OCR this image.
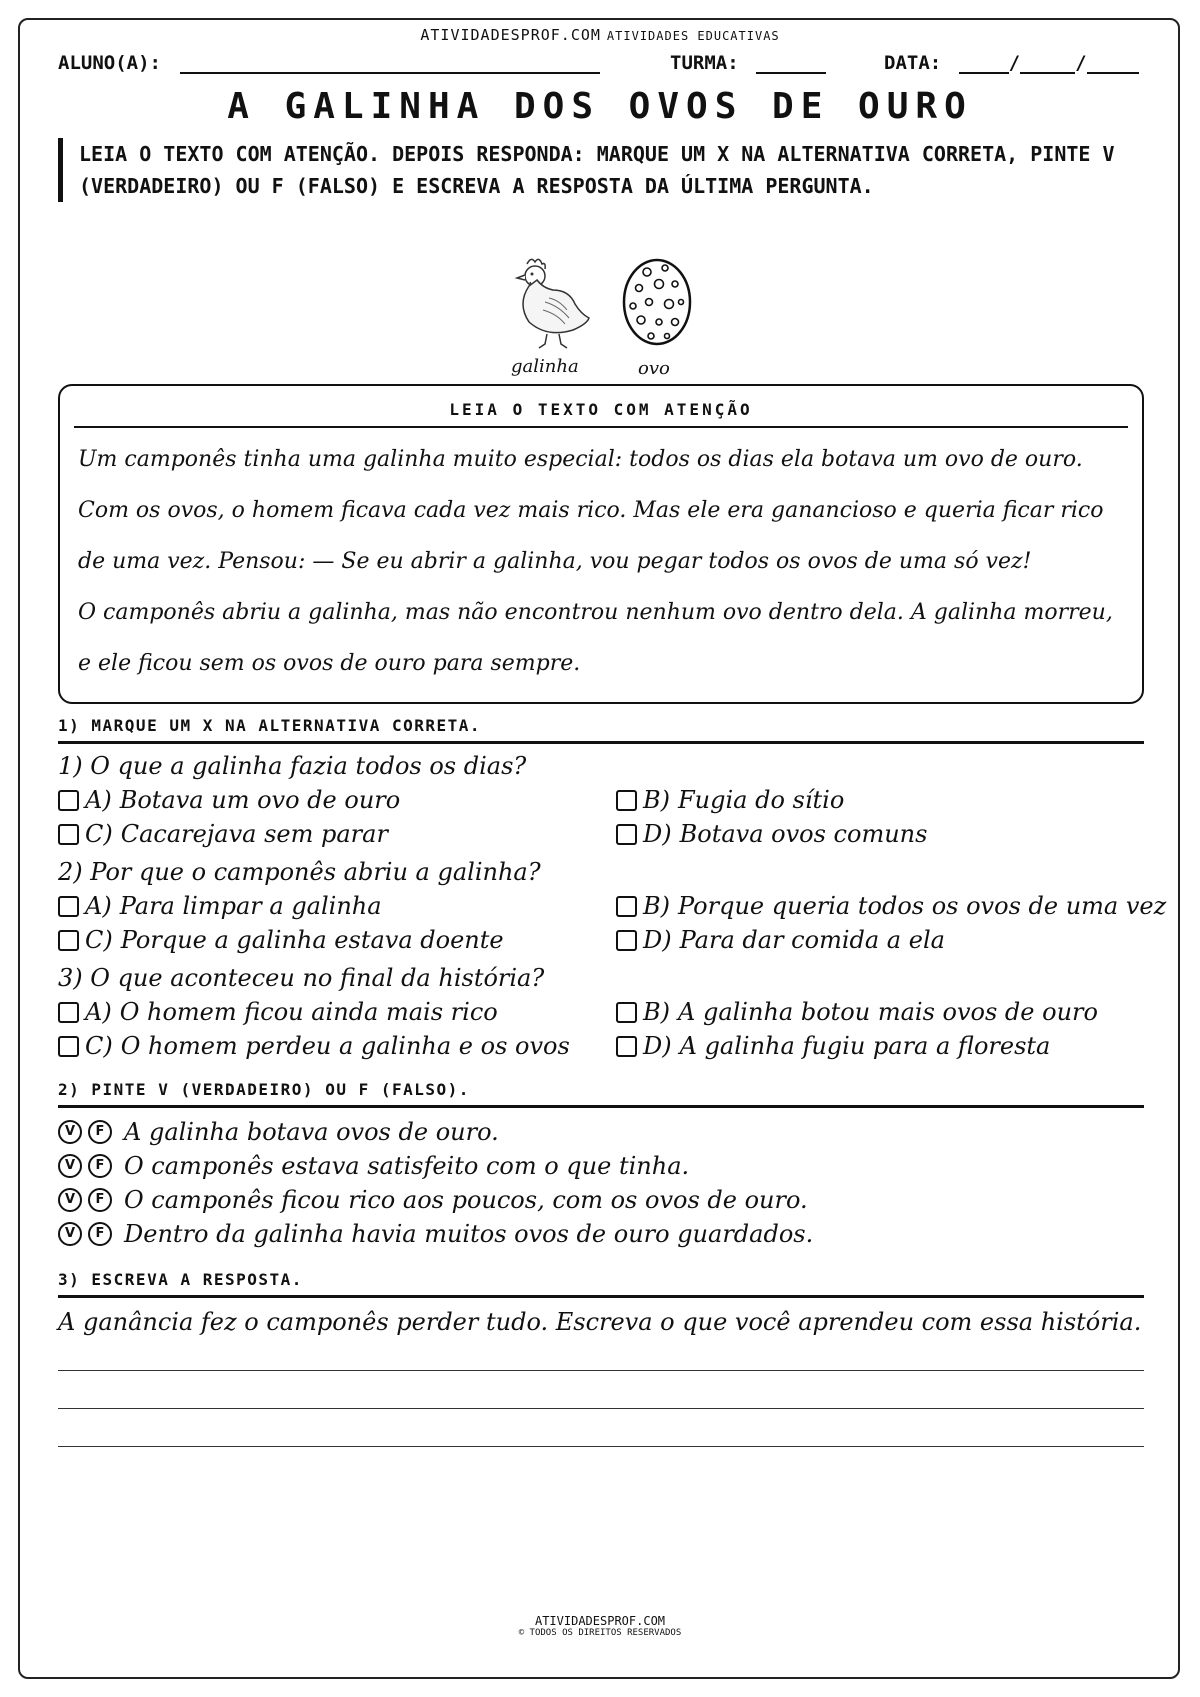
ATIVIDADESPROF.COM ATIVIDADES EDUCATIVAS
ALUNO(A):	TURMA:	DATA:	/	/
A GALINHA DOS OVOS DE OURO
LEIA O TEXTO COM ATENÇÃO. DEPOIS RESPONDA: MARQUE UM X NA ALTERNATIVA CORRETA, PINTE V (VERDADEIRO) OU F (FALSO) E ESCREVA A RESPOSTA DA ÚLTIMA PERGUNTA.
galinha	ovo
LEIA O TEXTO COM ATENÇÃO

Um camponês tinha uma galinha muito especial: todos os dias ela botava um ovo de ouro.

Com os ovos, o homem ficava cada vez mais rico. Mas ele era ganancioso e queria ficar rico de uma vez. Pensou: — Se eu abrir a galinha, vou pegar todos os ovos de uma só vez!

O camponês abriu a galinha, mas não encontrou nenhum ovo dentro dela. A galinha morreu, e ele ficou sem os ovos de ouro para sempre.

1) MARQUE UM X NA ALTERNATIVA CORRETA.
1) O que a galinha fazia todos os dias?
A) Botava um ovo de ouro	B) Fugia do sítio
C) Cacarejava sem parar	D) Botava ovos comuns
2) Por que o camponês abriu a galinha?
A) Para limpar a galinha	B) Porque queria todos os ovos de uma vez
C) Porque a galinha estava doente	D) Para dar comida a ela
3) O que aconteceu no final da história?
A) O homem ficou ainda mais rico	B) A galinha botou mais ovos de ouro
C) O homem perdeu a galinha e os ovos	D) A galinha fugiu para a floresta
2) PINTE V (VERDADEIRO) OU F (FALSO).
V	F A galinha botava ovos de ouro.
V	F O camponês estava satisfeito com o que tinha.
V	F O camponês ficou rico aos poucos, com os ovos de ouro.
V	F Dentro da galinha havia muitos ovos de ouro guardados.
3) ESCREVA A RESPOSTA.
A ganância fez o camponês perder tudo. Escreva o que você aprendeu com essa história.
ATIVIDADESPROF.COM
© TODOS OS DIREITOS RESERVADOS
